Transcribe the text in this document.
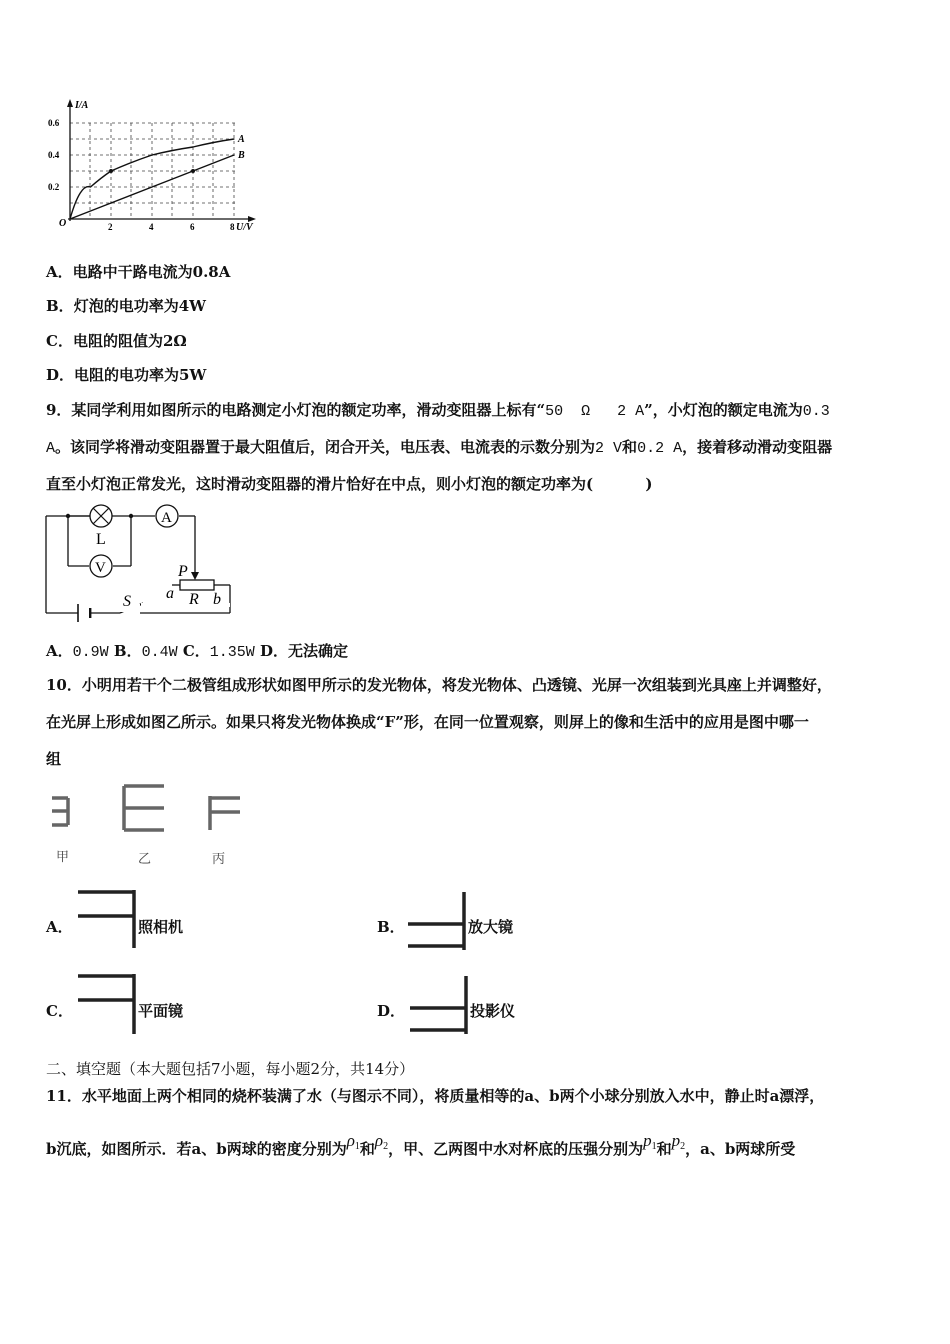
I/A
U/V
O
0.6
0.4
0.2
2	4	6	8
A
B
A．电路中干路电流为0.8A
B．灯泡的电功率为4W
C．电阻的阻值为2Ω
D．电阻的电功率为5W
9．某同学利用如图所示的电路测定小灯泡的额定功率，滑动变阻器上标有“50  Ω   2 A”，小灯泡的额定电流为0.3
A。该同学将滑动变阻器置于最大阻值后，闭合开关，电压表、电流表的示数分别为2 V和0.2 A，接着移动滑动变阻器
直至小灯泡正常发光，这时滑动变阻器的滑片恰好在中点，则小灯泡的额定功率为(          )
L
A
V
S
P
a R b
A．0.9W B．0.4W C．1.35W D．无法确定
10．小明用若干个二极管组成形状如图甲所示的发光物体，将发光物体、凸透镜、光屏一次组装到光具座上并调整好，
在光屏上形成如图乙所示。如果只将发光物体换成“F”形，在同一位置观察，则屏上的像和生活中的应用是图中哪一
组
甲	乙	丙
A．	照相机	B．	放大镜
C．	平面镜	D．	投影仪
二、填空题（本大题包括7小题，每小题2分，共14分）
11．水平地面上两个相同的烧杯装满了水（与图示不同），将质量相等的a、b两个小球分别放入水中，静止时a漂浮，
b沉底，如图所示．若a、b两球的密度分别为$\rho_1$和$\rho_2$，甲、乙两图中水对杯底的压强分别为$p_1$和$p_2$，a、b两球所受
